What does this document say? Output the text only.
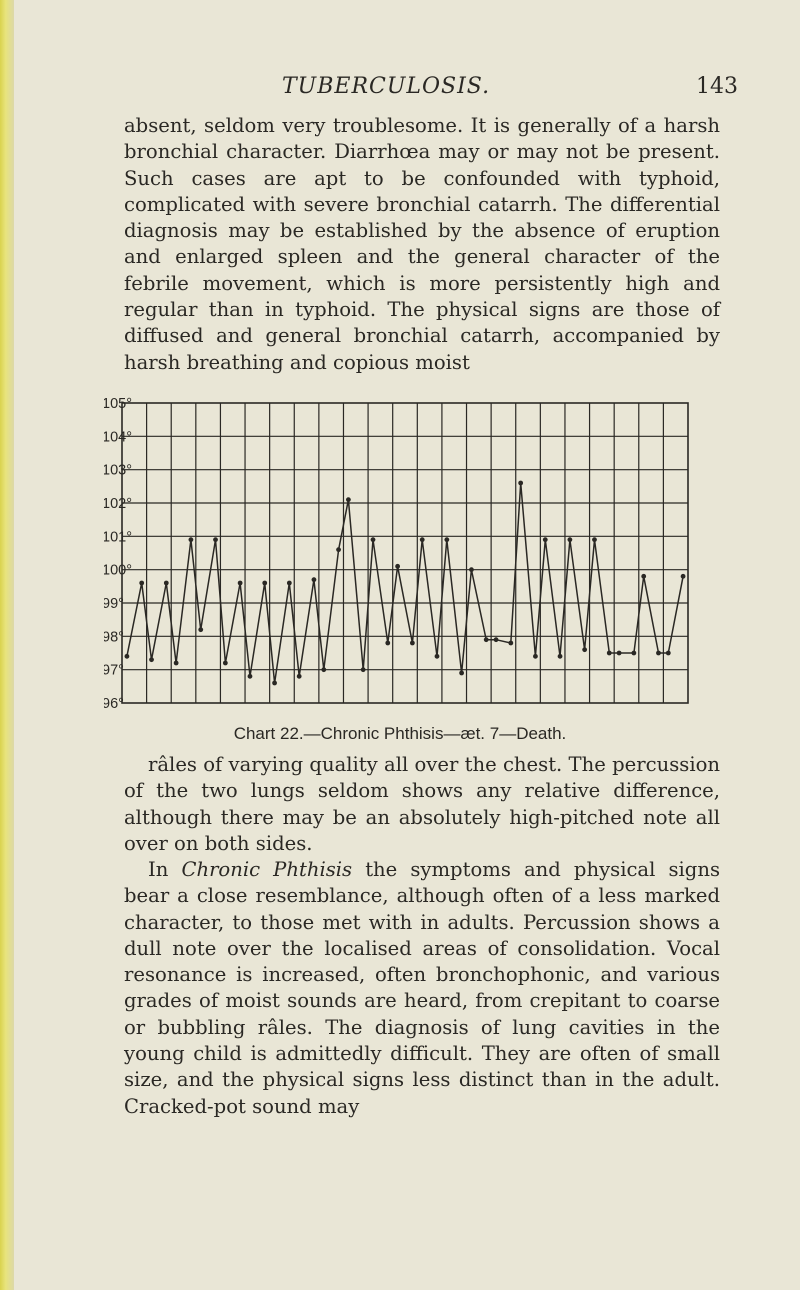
TUBERCULOSIS.	143

absent, seldom very troublesome. It is generally of a harsh bronchial character. Diarrhœa may or may not be present. Such cases are apt to be confounded with typhoid, complicated with severe bronchial catarrh. The differential diagnosis may be established by the absence of eruption and enlarged spleen and the general character of the febrile movement, which is more persistently high and regular than in typhoid. The physical signs are those of diffused and general bronchial catarrh, accompanied by harsh breathing and copious moist

105°
104°
103°
102°
101°
100°
99°
98°
97°
96°
Chart 22.—Chronic Phthisis—æt. 7—Death.

râles of varying quality all over the chest. The percussion of the two lungs seldom shows any relative difference, although there may be an absolutely high-pitched note all over on both sides.

In Chronic Phthisis the symptoms and physical signs bear a close resemblance, although often of a less marked character, to those met with in adults. Percussion shows a dull note over the localised areas of consolidation. Vocal resonance is increased, often bronchophonic, and various grades of moist sounds are heard, from crepitant to coarse or bubbling râles. The diagnosis of lung cavities in the young child is admittedly difficult. They are often of small size, and the physical signs less distinct than in the adult. Cracked-pot sound may
